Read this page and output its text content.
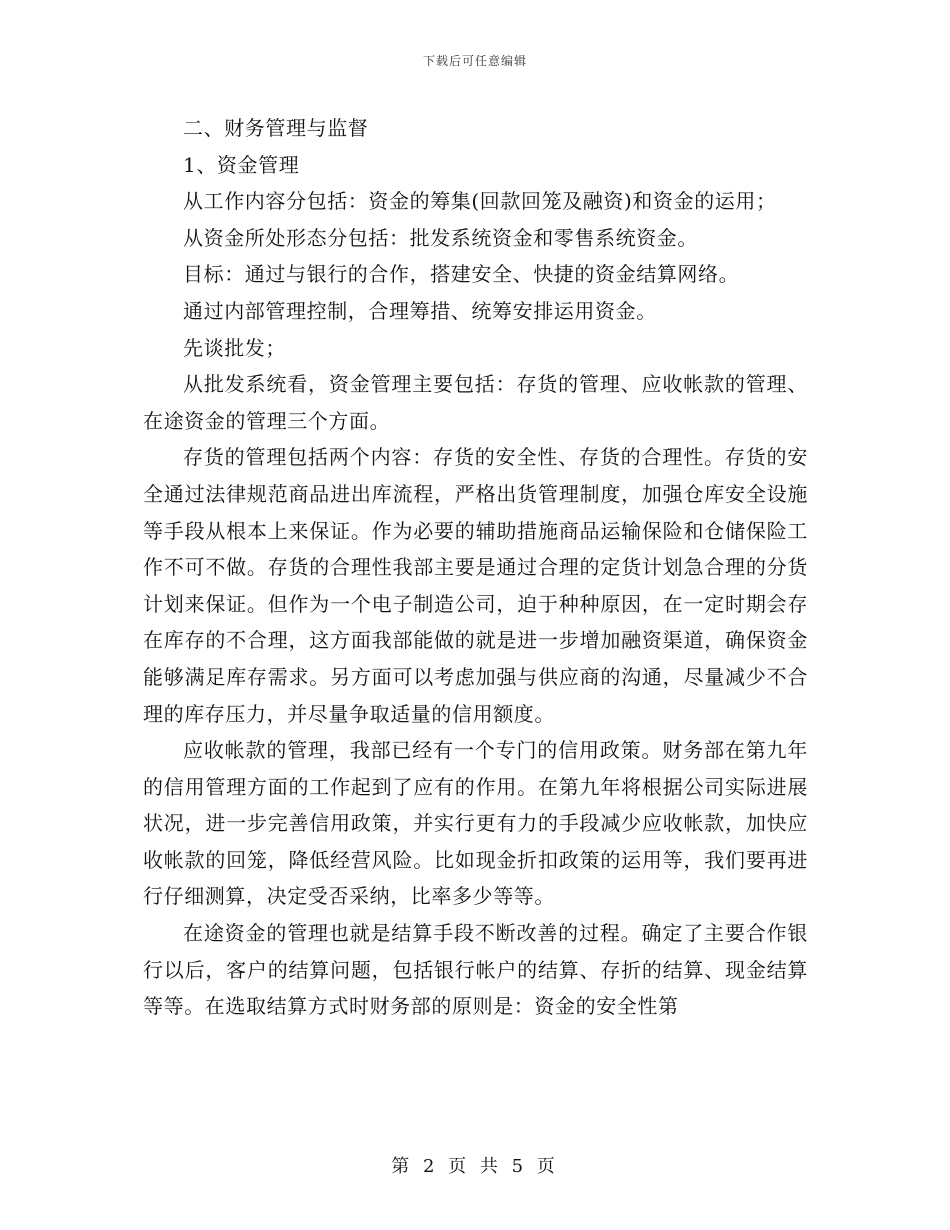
下载后可任意编辑

二、财务管理与监督

1、资金管理

从工作内容分包括：资金的筹集(回款回笼及融资)和资金的运用；

从资金所处形态分包括：批发系统资金和零售系统资金。

目标：通过与银行的合作，搭建安全、快捷的资金结算网络。

通过内部管理控制，合理筹措、统筹安排运用资金。

先谈批发；

从批发系统看，资金管理主要包括：存货的管理、应收帐款的管理、在途资金的管理三个方面。

存货的管理包括两个内容：存货的安全性、存货的合理性。存货的安全通过法律规范商品进出库流程，严格出货管理制度，加强仓库安全设施等手段从根本上来保证。作为必要的辅助措施商品运输保险和仓储保险工作不可不做。存货的合理性我部主要是通过合理的定货计划急合理的分货计划来保证。但作为一个电子制造公司，迫于种种原因，在一定时期会存在库存的不合理，这方面我部能做的就是进一步增加融资渠道，确保资金能够满足库存需求。另方面可以考虑加强与供应商的沟通，尽量减少不合理的库存压力，并尽量争取适量的信用额度。

应收帐款的管理，我部已经有一个专门的信用政策。财务部在第九年的信用管理方面的工作起到了应有的作用。在第九年将根据公司实际进展状况，进一步完善信用政策，并实行更有力的手段减少应收帐款，加快应收帐款的回笼，降低经营风险。比如现金折扣政策的运用等，我们要再进行仔细测算，决定受否采纳，比率多少等等。

在途资金的管理也就是结算手段不断改善的过程。确定了主要合作银行以后，客户的结算问题，包括银行帐户的结算、存折的结算、现金结算等等。在选取结算方式时财务部的原则是：资金的安全性第

第 2 页 共 5 页
